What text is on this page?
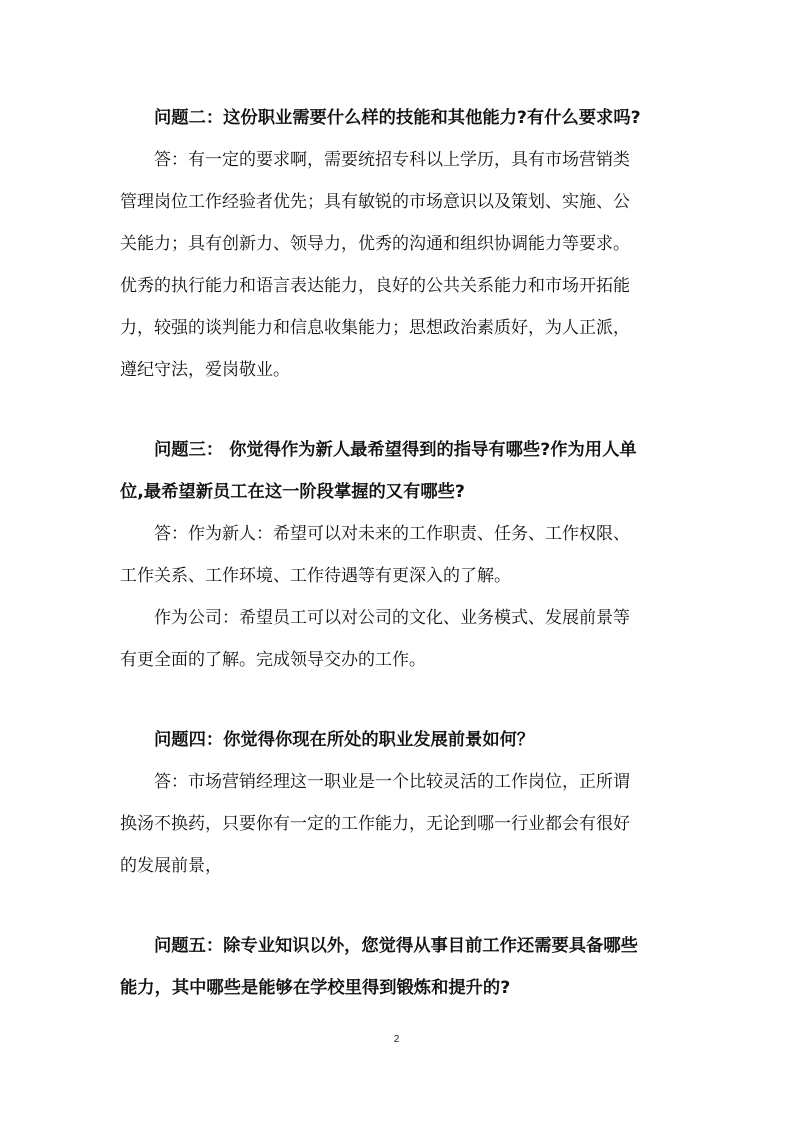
问题二：这份职业需要什么样的技能和其他能力?有什么要求吗?
答：有一定的要求啊，需要统招专科以上学历，具有市场营销类
管理岗位工作经验者优先；具有敏锐的市场意识以及策划、实施、公
关能力；具有创新力、领导力，优秀的沟通和组织协调能力等要求。
优秀的执行能力和语言表达能力，良好的公共关系能力和市场开拓能
力，较强的谈判能力和信息收集能力；思想政治素质好，为人正派，
遵纪守法，爱岗敬业。
问题三： 你觉得作为新人最希望得到的指导有哪些?作为用人单
位,最希望新员工在这一阶段掌握的又有哪些?
答：作为新人：希望可以对未来的工作职责、任务、工作权限、
工作关系、工作环境、工作待遇等有更深入的了解。
作为公司：希望员工可以对公司的文化、业务模式、发展前景等
有更全面的了解。完成领导交办的工作。
问题四：你觉得你现在所处的职业发展前景如何？
答：市场营销经理这一职业是一个比较灵活的工作岗位，正所谓
换汤不换药，只要你有一定的工作能力，无论到哪一行业都会有很好
的发展前景，
问题五：除专业知识以外，您觉得从事目前工作还需要具备哪些
能力，其中哪些是能够在学校里得到锻炼和提升的?
2
